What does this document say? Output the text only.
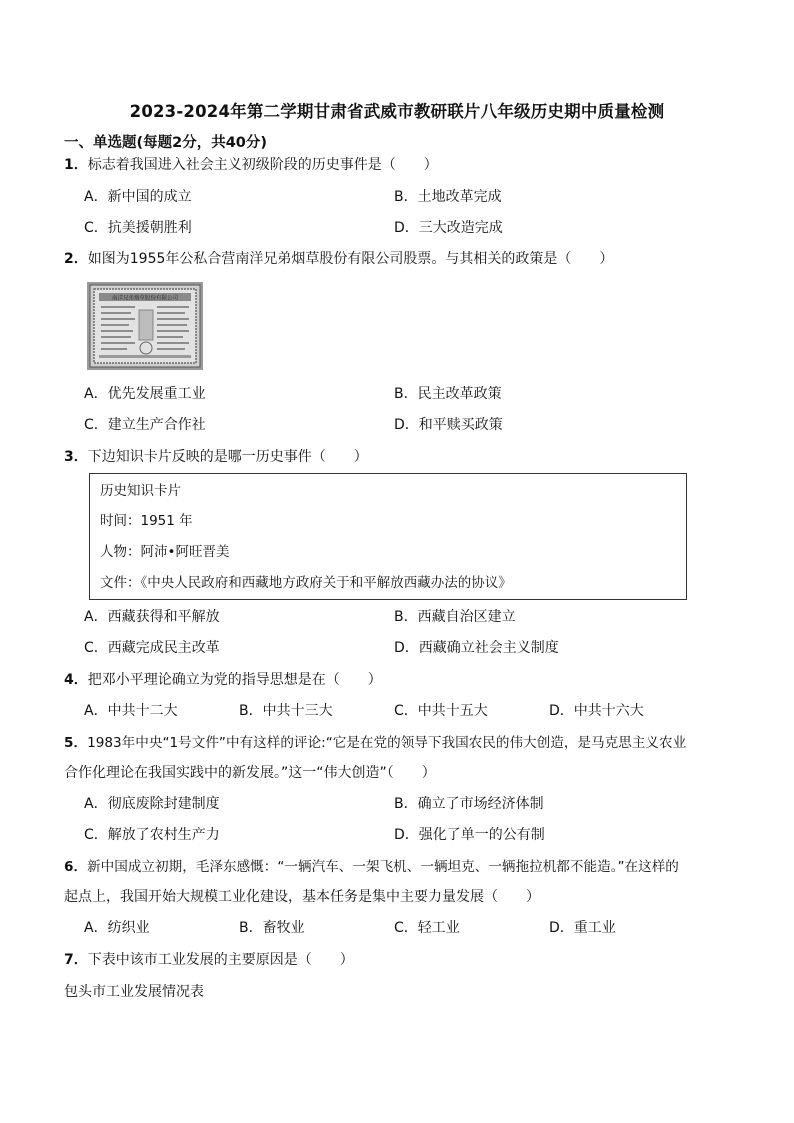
2023-2024年第二学期甘肃省武威市教研联片八年级历史期中质量检测
一、单选题(每题2分，共40分)
1．标志着我国进入社会主义初级阶段的历史事件是（　　）
A．新中国的成立	B．土地改革完成
C．抗美援朝胜利	D．三大改造完成
2．如图为1955年公私合营南洋兄弟烟草股份有限公司股票。与其相关的政策是（　　）
南洋兄弟烟草股份有限公司
A．优先发展重工业	B．民主改革政策
C．建立生产合作社	D．和平赎买政策
3．下边知识卡片反映的是哪一历史事件（　　）
历史知识卡片
时间：1951 年
人物：阿沛•阿旺晋美
文件：《中央人民政府和西藏地方政府关于和平解放西藏办法的协议》
A．西藏获得和平解放	B．西藏自治区建立
C．西藏完成民主改革	D．西藏确立社会主义制度
4．把邓小平理论确立为党的指导思想是在（　　）
A．中共十二大	B．中共十三大	C．中共十五大	D．中共十六大
5．1983年中央“1号文件”中有这样的评论:“它是在党的领导下我国农民的伟大创造，是马克思主义农业
合作化理论在我国实践中的新发展。”这一“伟大创造”（　　）
A．彻底废除封建制度	B．确立了市场经济体制
C．解放了农村生产力	D．强化了单一的公有制
6．新中国成立初期，毛泽东感慨：“一辆汽车、一架飞机、一辆坦克、一辆拖拉机都不能造。”在这样的
起点上，我国开始大规模工业化建设，基本任务是集中主要力量发展（　　）
A．纺织业	B．畜牧业	C．轻工业	D．重工业
7．下表中该市工业发展的主要原因是（　　）
包头市工业发展情况表
